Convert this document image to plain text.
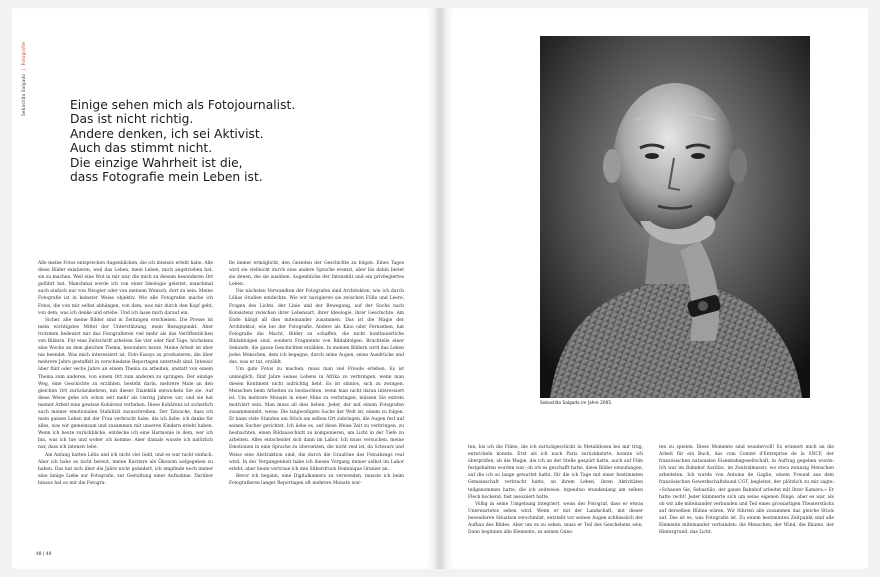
Sebastião Salgado | Fotografie
Einige sehen mich als Fotojournalist.
Das ist nicht richtig.
Andere denken, ich sei Aktivist.
Auch das stimmt nicht.
Die einzige Wahrheit ist die,
dass Fotografie mein Leben ist.

Alle meine Fotos entsprechen Augenblicken, die ich intensiv erlebt habe. Alle diese Bilder existieren, weil das Leben, mein Leben, mich angetrieben hat, sie zu machen. Weil eine Wut in mir war, die mich zu diesem besonderen Ort geführt hat. Manchmal werde ich von einer Ideologie geleitet, manchmal auch einfach nur von Neugier oder von meinem Wunsch, dort zu sein. Meine Fotografie ist in keinster Weise objektiv. Wie alle Fotografen mache ich Fotos, die von mir selbst abhängen, von dem, was mir durch den Kopf geht, von dem, was ich denke und erlebe. Und ich lasse mich darauf ein.

Sicher, alle meine Bilder sind in Zeitungen erschienen. Die Presse ist mein wichtigstes Mittel der Unterstützung, mein Bezugspunkt. Aber trotzdem bedeutet mir das Fotografieren viel mehr als das Veröffentlichen von Bildern. Für eine Zeitschrift arbeiten Sie vier oder fünf Tage, höchstens eine Woche an dem gleichen Thema, besonders heute. Meine Arbeit ist aber nie beendet. Was mich interessiert ist, Foto-Essays zu produzieren, die über mehrere Jahre gestaffelt in verschiedene Reportagen unterteilt sind. Intensiv über fünf oder sechs Jahre an einem Thema zu arbeiten, anstatt von einem Thema zum anderen, von einem Ort zum anderen zu springen. Der einzige Weg, eine Geschichte zu erzählen, besteht darin, mehrere Male an den gleichen Ort zurückzukehren; mit dieser Dialektik entwickeln Sie sie. Auf diese Weise gehe ich schon seit mehr als vierzig Jahren vor, und sie hat meiner Arbeit eine gewisse Kohärenz verliehen. Diese Kohärenz ist sicherlich auch meiner emotionalen Stabilität zuzuschreiben. Der Tatsache, dass ich mein ganzes Leben mit der Frau verbracht habe, die ich liebe; ich danke für alles, was wir gemeinsam und zusammen mit unseren Kindern erlebt haben. Wenn ich heute zurückblicke, entdecke ich eine Harmonie in dem, wer ich bin, was ich tue und woher ich komme. Aber damals wusste ich natürlich nur, dass ich intensiv lebe.

Am Anfang hatten Lélia und ich nicht viel Geld, und es war nicht einfach. Aber ich habe es nicht bereut, meine Karriere als Ökonom aufgegeben zu haben. Das hat sich über die Jahre nicht geändert, ich empfinde noch immer eine innige Liebe zur Fotografie, zur Gestaltung einer Aufnahme. Darüber hinaus hat es mir die Fotogra-

fie immer ermöglicht, den Gezeiten der Geschichte zu folgen. Eines Tages wird sie vielleicht durch eine andere Sprache ersetzt, aber bis dahin bietet sie denen, die sie ausüben, Augenblicke der Intensität und ein privilegiertes Leben.

Die nächsten Verwandten der Fotografen sind Architekten, wie ich durch Lélias Studien entdeckte. Wie wir navigieren sie zwischen Fülle und Leere, Fragen des Lichts, der Linie und der Bewegung, auf der Suche nach Konsistenz zwischen ihrer Lebensart, ihrer Ideologie, ihrer Geschichte. Am Ende hängt all dies miteinander zusammen. Das ist die Magie der Architektur, wie bei der Fotografie. Anders als Kino oder Fernsehen, hat Fotografie die Macht, Bilder zu schaffen, die nicht kontinuierliche Bildabfolgen sind, sondern Fragmente von Bildabfolgen. Bruchteile einer Sekunde, die ganze Geschichten erzählen. In meinen Bildern wird das Leben jedes Menschen, dem ich begegne, durch seine Augen, seine Ausdrücke und das, was er tut, erzählt.

Um gute Fotos zu machen, muss man viel Freude erleben. Es ist unmöglich, fünf Jahre seines Lebens in Afrika zu verbringen, wenn man diesen Kontinent nicht aufrichtig liebt. Es ist sinnlos, sich zu zwingen, Menschen beim Arbeiten zu beobachten, wenn man nicht daran interessiert ist. Um mehrere Monate in einer Mine zu verbringen, müssen Sie extrem motiviert sein. Man muss all dies lieben. Jeder, der mit einem Fotografen zusammenlebt, weiss: Die langweiligste Sache der Welt ist, einem zu folgen. Er kann viele Stunden am Stück am selben Ort zubringen, die Augen fest auf seinen Sucher gerichtet. Ich liebe es, auf diese Weise Zeit zu verbringen, zu beobachten, einen Bildausschnitt zu komponieren, am Licht in der Tiefe zu arbeiten. Alles entscheidet sich dann im Labor. Ich muss versuchen, meine Emotionen in eine Sprache zu übersetzen, die nicht real ist, da Schwarz und Weiss eine Abstraktion sind, die durch die Grautöne des Fotoabzugs real wird. In der Vergangenheit habe ich diesen Vorgang immer selbst im Labor erlebt, aber heute vertraue ich den Silberdruck Dominique Granier an.

Bevor ich begann, eine Digitalkamera zu verwenden, musste ich beim Fotografieren langer Reportagen oft mehrere Monate war-

48 | 49
Sebastião Salgado im Jahre 2005.

ten, bis ich die Filme, die ich zurückgeschickt in Metalldosen bei mir trug, entwickeln konnte. Erst als ich nach Paris zurückkehrte, konnte ich überprüfen, ob die Magie, die ich an der Stelle gespürt hatte, auch auf Film festgehalten worden war; ob ich es geschafft hatte, diese Bilder einzufangen, auf die ich so lange gewartet hatte, für die ich Tage mit einer bestimmten Gemeinschaft verbracht hatte, an ihrem Leben, ihren Aktivitäten teilgenommen hatte, die ich zeitweise, irgendwo stundenlang am selben Fleck hockend, fast assoziiert hatte.

Völlig in seine Umgebung integriert, weiss der Fotograf, dass er etwas Unerwartetes sehen wird. Wenn er mit der Landschaft, mit dieser besonderen Situation verschmilzt, entsteht vor seinen Augen schliesslich der Aufbau des Bildes. Aber um es zu sehen, muss er Teil des Geschehens sein. Dann beginnen alle Elemente, zu seinen Guns-

ten zu spielen. Diese Momente sind wundervoll! Es erinnert mich an die Arbeit für ein Buch, das vom Comité d'Entreprise de la SNCF, der französischen nationalen Eisenbahngesellschaft, in Auftrag gegeben wurde: Ich war im Bahnhof Aurillac, im Zentralmassiv, wo etwa zwanzig Menschen arbeiteten. Ich wurde von Antoine de Gaglie, einem Freund aus dem französischen Gewerkschaftsbund CGT, begleitet, der plötzlich zu mir sagte: «Schauen Sie, Sebastião, der ganze Bahnhof arbeitet mit Ihrer Kamera.» Er hatte recht! Jeder kümmerte sich um seine eigenen Dinge, aber es war, als ob wir alle miteinander verbunden und Teil eines grossartigen Theaterstücks auf derselben Bühne wären. Wir führten alle zusammen das gleiche Stück auf. Das ist es, was Fotografie ist. Zu einem bestimmten Zeitpunkt sind alle Elemente miteinander verbunden: die Menschen, der Wind, die Bäume, der Hintergrund, das Licht.
